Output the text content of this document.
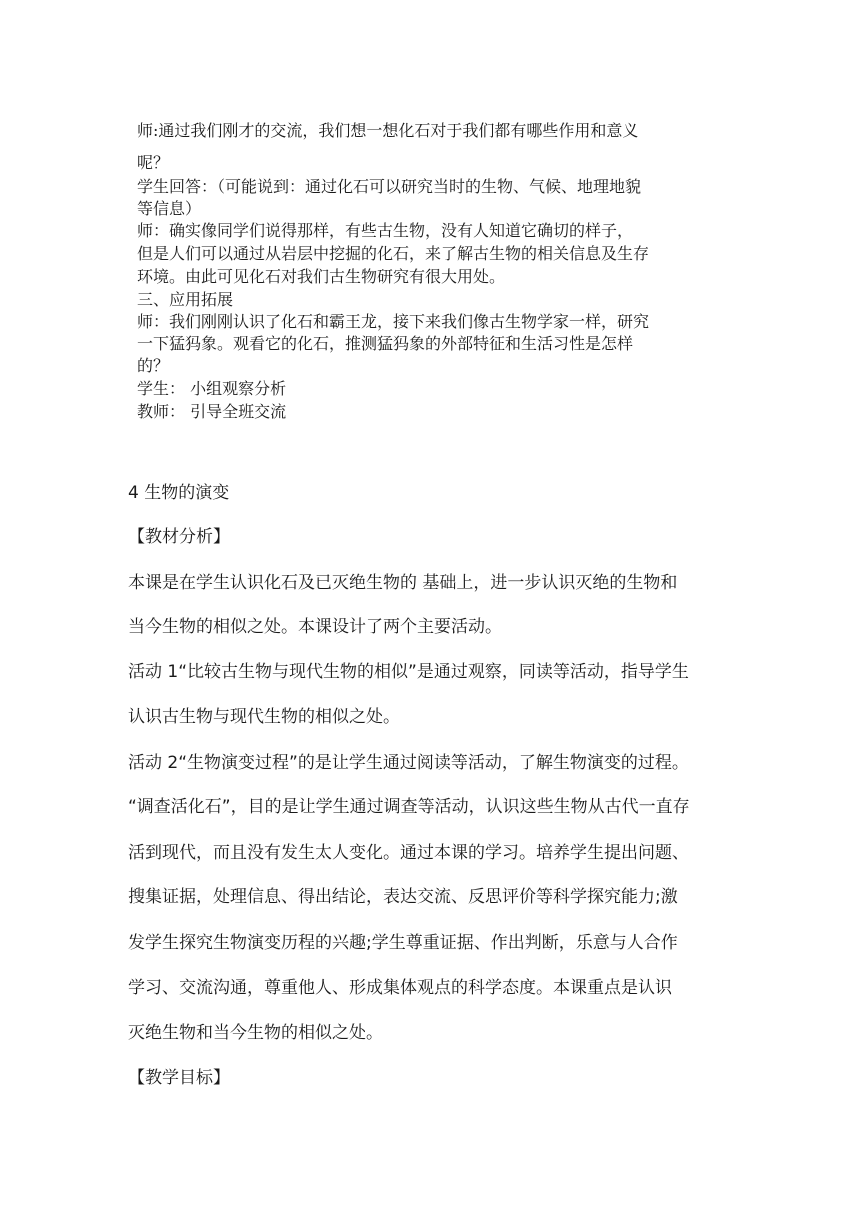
师:通过我们刚才的交流，我们想一想化石对于我们都有哪些作用和意义
呢？
学生回答：（可能说到：通过化石可以研究当时的生物、气候、地理地貌
等信息）
师：确实像同学们说得那样，有些古生物，没有人知道它确切的样子，
但是人们可以通过从岩层中挖掘的化石，来了解古生物的相关信息及生存
环境。由此可见化石对我们古生物研究有很大用处。
三、应用拓展
师：我们刚刚认识了化石和霸王龙，接下来我们像古生物学家一样，研究
一下猛犸象。观看它的化石，推测猛犸象的外部特征和生活习性是怎样
的？
学生： 小组观察分析
教师： 引导全班交流
4 生物的演变
【教材分析】
本课是在学生认识化石及已灭绝生物的 基础上，进一步认识灭绝的生物和
当今生物的相似之处。本课设计了两个主要活动。
活动 1“比较古生物与现代生物的相似”是通过观察，同读等活动，指导学生
认识古生物与现代生物的相似之处。
活动 2“生物演变过程”的是让学生通过阅读等活动，了解生物演变的过程。
“调查活化石”，目的是让学生通过调查等活动，认识这些生物从古代一直存
活到现代，而且没有发生太人变化。通过本课的学习。培养学生提出问题、
搜集证据，处理信息、得出结论，表达交流、反思评价等科学探究能力;激
发学生探究生物演变历程的兴趣;学生尊重证据、作出判断，乐意与人合作
学习、交流沟通，尊重他人、形成集体观点的科学态度。本课重点是认识
灭绝生物和当今生物的相似之处。
【教学目标】
